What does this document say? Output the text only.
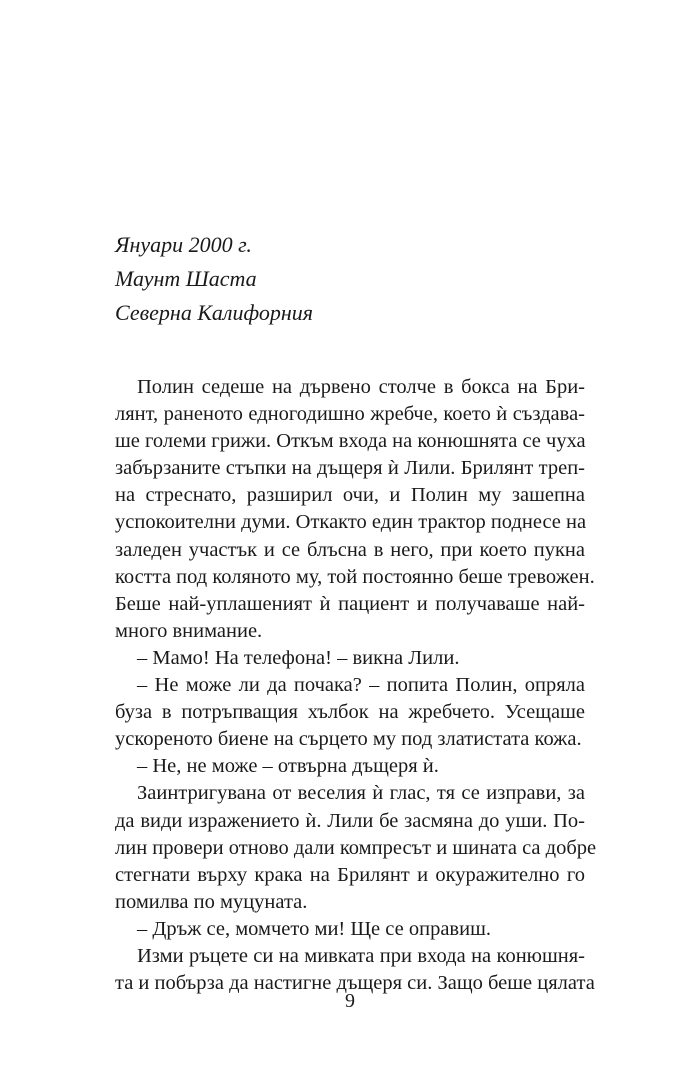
Януари 2000 г.
Маунт Шаста
Северна Калифорния
Полин седеше на дървено столче в бокса на Бри-
лянт, раненото едногодишно жребче, което ѝ създава-
ше големи грижи. Откъм входа на конюшнята се чуха
забързаните стъпки на дъщеря ѝ Лили. Брилянт треп-
на стреснато, разширил очи, и Полин му зашепна
успокоителни думи. Откакто един трактор поднесе на
заледен участък и се блъсна в него, при което пукна
костта под коляното му, той постоянно беше тревожен.
Беше най-уплашеният ѝ пациент и получаваше най-
много внимание.
– Мамо! На телефона! – викна Лили.
– Не може ли да почака? – попита Полин, опряла
буза в потръпващия хълбок на жребчето. Усещаше
ускореното биене на сърцето му под златистата кожа.
– Не, не може – отвърна дъщеря ѝ.
Заинтригувана от веселия ѝ глас, тя се изправи, за
да види изражението ѝ. Лили бе засмяна до уши. По-
лин провери отново дали компресът и шината са добре
стегнати върху крака на Брилянт и окуражително го
помилва по муцуната.
– Дръж се, момчето ми! Ще се оправиш.
Изми ръцете си на мивката при входа на конюшня-
та и побърза да настигне дъщеря си. Защо беше цялата
9
